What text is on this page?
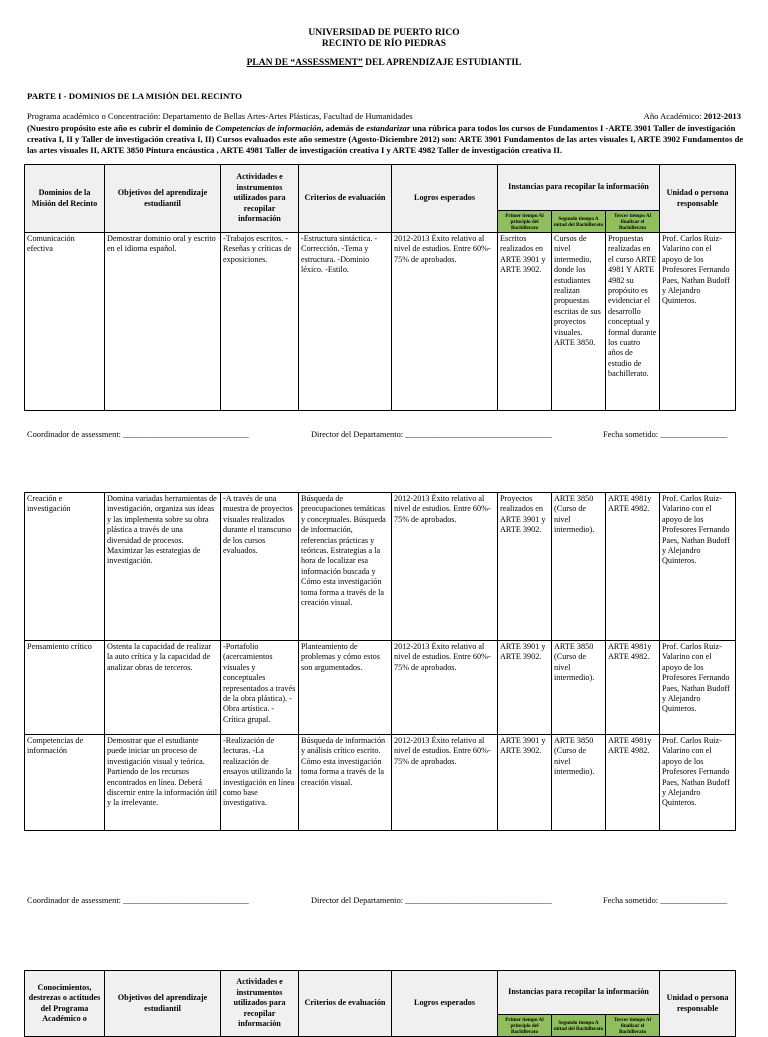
UNIVERSIDAD DE PUERTO RICO
RECINTO DE RÍO PIEDRAS
PLAN DE “ASSESSMENT” DEL APRENDIZAJE ESTUDIANTIL
PARTE I - DOMINIOS DE LA MISIÓN DEL RECINTO
Programa académico o Concentración: Departamento de Bellas Artes-Artes Plásticas, Facultad de Humanidades	Año Académico: 2012-2013
(Nuestro propósito este año es cubrir el dominio de Competencias de información, además de estandarizar una rúbrica para todos los cursos de Fundamentos I -ARTE 3901 Taller de investigación creativa I, II y Taller de investigación creativa I, II) Cursos evaluados este año semestre (Agosto-Diciembre 2012) son: ARTE 3901 Fundamentos de las artes visuales I, ARTE 3902 Fundamentos de las artes visuales II, ARTE 3850 Pintura encáustica , ARTE 4981 Taller de investigación creativa I y ARTE 4982 Taller de investigación creativa II.
Dominios de la Misión del Recinto	Objetivos del aprendizaje estudiantil	Actividades e instrumentos utilizados para recopilar información	Criterios de evaluación	Logros esperados	Instancias para recopilar la información			Unidad o persona responsable
					Primer tiempo Al principio del Bachillerato	Segundo tiempo A mitad del Bachillerato	Tercer tiempo Al finalizar el Bachillerato	
Comunicación efectiva	Demostrar dominio oral y escrito en el idioma español.	-Trabajos escritos. -Reseñas y críticas de exposiciones.	-Estructura sintáctica. -Corrección. -Tema y estructura. -Dominio léxico. -Estilo.	2012-2013 Éxito relativo al nivel de estudios. Entre 60%- 75% de aprobados.	Escritos realizados en ARTE 3901 y ARTE 3902.	Cursos de nivel intermedio, donde los estudiantes realizan propuestas escritas de sus proyectos visuales. ARTE 3850.	Propuestas realizadas en el curso ARTE 4981 Y ARTE 4982 su propósito es evidenciar el desarrollo conceptual y formal durante los cuatro años de estudio de bachillerato.	Prof. Carlos Ruiz-Valarino con el apoyo de los Profesores Fernando Paes, Nathan Budoff y Alejandro Quinteros.
Coordinador de assessment: ______________________________	Director del Departamento: ___________________________________	Fecha sometido: ________________
Creación e investigación	Domina variadas herramientas de investigación, organiza sus ideas y las implementa sobre su obra plástica a través de una diversidad de procesos. Maximizar las estrategias de investigación.	-A través de una muestra de proyectos visuales realizados durante el transcurso de los cursos evaluados.	Búsqueda de preocupaciones temáticas y conceptuales. Búsqueda de información, referencias prácticas y teóricas. Estrategias a la hora de localizar esa información buscada y Cómo esta investigación toma forma a través de la creación visual.	2012-2013 Éxito relativo al nivel de estudios. Entre 60%- 75% de aprobados.	Proyectos realizados en ARTE 3901 y ARTE 3902.	ARTE 3850 (Curso de nivel intermedio).	ARTE 4981y ARTE 4982.	Prof. Carlos Ruiz-Valarino con el apoyo de los Profesores Fernando Paes, Nathan Budoff y Alejandro Quinteros.
Pensamiento crítico	Ostenta la capacidad de realizar la auto crítica y la capacidad de analizar obras de terceros.	-Portafolio (acercamientos visuales y conceptuales representados a través de la obra plástica). -Obra artística. -Crítica grupal.	Planteamiento de problemas y cómo estos son argumentados.	2012-2013 Éxito relativo al nivel de estudios. Entre 60%- 75% de aprobados.	ARTE 3901 y ARTE 3902.	ARTE 3850 (Curso de nivel intermedio).	ARTE 4981y ARTE 4982.	Prof. Carlos Ruiz-Valarino con el apoyo de los Profesores Fernando Paes, Nathan Budoff y Alejandro Quinteros.
Competencias de información	Demostrar que el estudiante puede iniciar un proceso de investigación visual y teórica. Partiendo de los recursos encontrados en línea. Deberá discernir entre la información útil y la irrelevante.	-Realización de lecturas. -La realización de ensayos utilizando la investigación en línea como base investigativa.	Búsqueda de información y análisis crítico escrito. Cómo esta investigación toma forma a través de la creación visual.	2012-2013 Éxito relativo al nivel de estudios. Entre 60%- 75% de aprobados.	ARTE 3901 y ARTE 3902.	ARTE 3850 (Curso de nivel intermedio).	ARTE 4981y ARTE 4982.	Prof. Carlos Ruiz-Valarino con el apoyo de los Profesores Fernando Paes, Nathan Budoff y Alejandro Quinteros.
Coordinador de assessment: ______________________________	Director del Departamento: ___________________________________	Fecha sometido: ________________
Conocimientos, destrezas o actitudes del Programa Académico o	Objetivos del aprendizaje estudiantil	Actividades e instrumentos utilizados para recopilar información	Criterios de evaluación	Logros esperados	Instancias para recopilar la información			Unidad o persona responsable
					Primer tiempo Al principio del Bachillerato	Segundo tiempo A mitad del Bachillerato	Tercer tiempo Al finalizar el Bachillerato	
